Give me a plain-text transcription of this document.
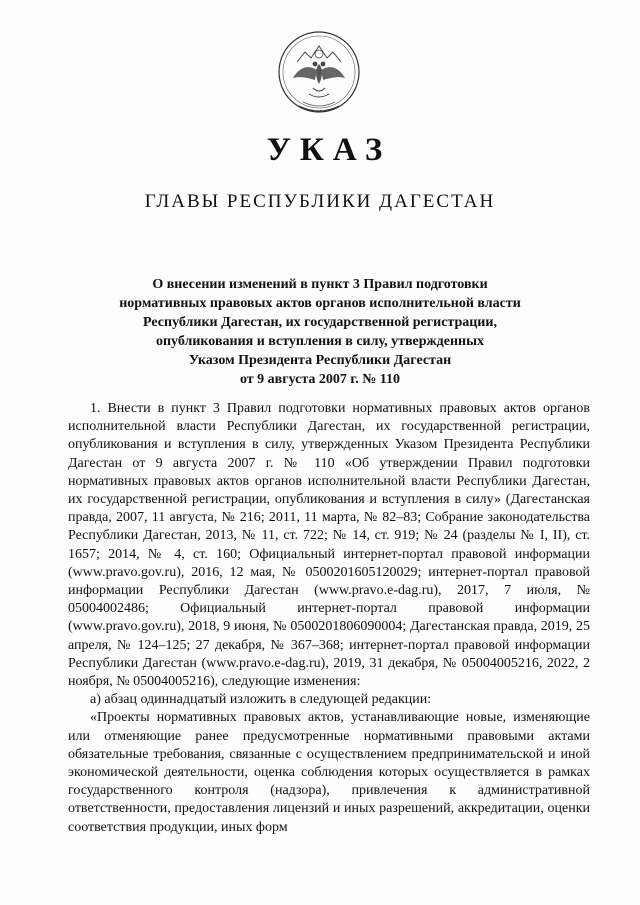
УКАЗ
ГЛАВЫ РЕСПУБЛИКИ ДАГЕСТАН
О внесении изменений в пункт 3 Правил подготовки
нормативных правовых актов органов исполнительной власти
Республики Дагестан, их государственной регистрации,
опубликования и вступления в силу, утвержденных
Указом Президента Республики Дагестан
от 9 августа 2007 г. № 110

1. Внести в пункт 3 Правил подготовки нормативных правовых актов органов исполнительной власти Республики Дагестан, их государственной регистрации, опубликования и вступления в силу, утвержденных Указом Президента Республики Дагестан от 9 августа 2007 г. № 110 «Об утверждении Правил подготовки нормативных правовых актов органов исполнительной власти Республики Дагестан, их государственной регистрации, опубликования и вступления в силу» (Дагестанская правда, 2007, 11 августа, № 216; 2011, 11 марта, № 82–83; Собрание законодательства Республики Дагестан, 2013, № 11, ст. 722; № 14, ст. 919; № 24 (разделы № I, II), ст. 1657; 2014, № 4, ст. 160; Официальный интернет-портал правовой информации (www.pravo.gov.ru), 2016, 12 мая, № 0500201605120029; интернет-портал правовой информации Республики Дагестан (www.pravo.e-dag.ru), 2017, 7 июля, № 05004002486; Официальный интернет-портал правовой информации (www.pravo.gov.ru), 2018, 9 июня, № 0500201806090004; Дагестанская правда, 2019, 25 апреля, № 124–125; 27 декабря, № 367–368; интернет-портал правовой информации Республики Дагестан (www.pravo.e-dag.ru), 2019, 31 декабря, № 05004005216, 2022, 2 ноября, № 05004005216), следующие изменения:

а) абзац одиннадцатый изложить в следующей редакции:

«Проекты нормативных правовых актов, устанавливающие новые, изменяющие или отменяющие ранее предусмотренные нормативными правовыми актами обязательные требования, связанные с осуществлением предпринимательской и иной экономической деятельности, оценка соблюдения которых осуществляется в рамках государственного контроля (надзора), привлечения к административной ответственности, предоставления лицензий и иных разрешений, аккредитации, оценки соответствия продукции, иных форм
